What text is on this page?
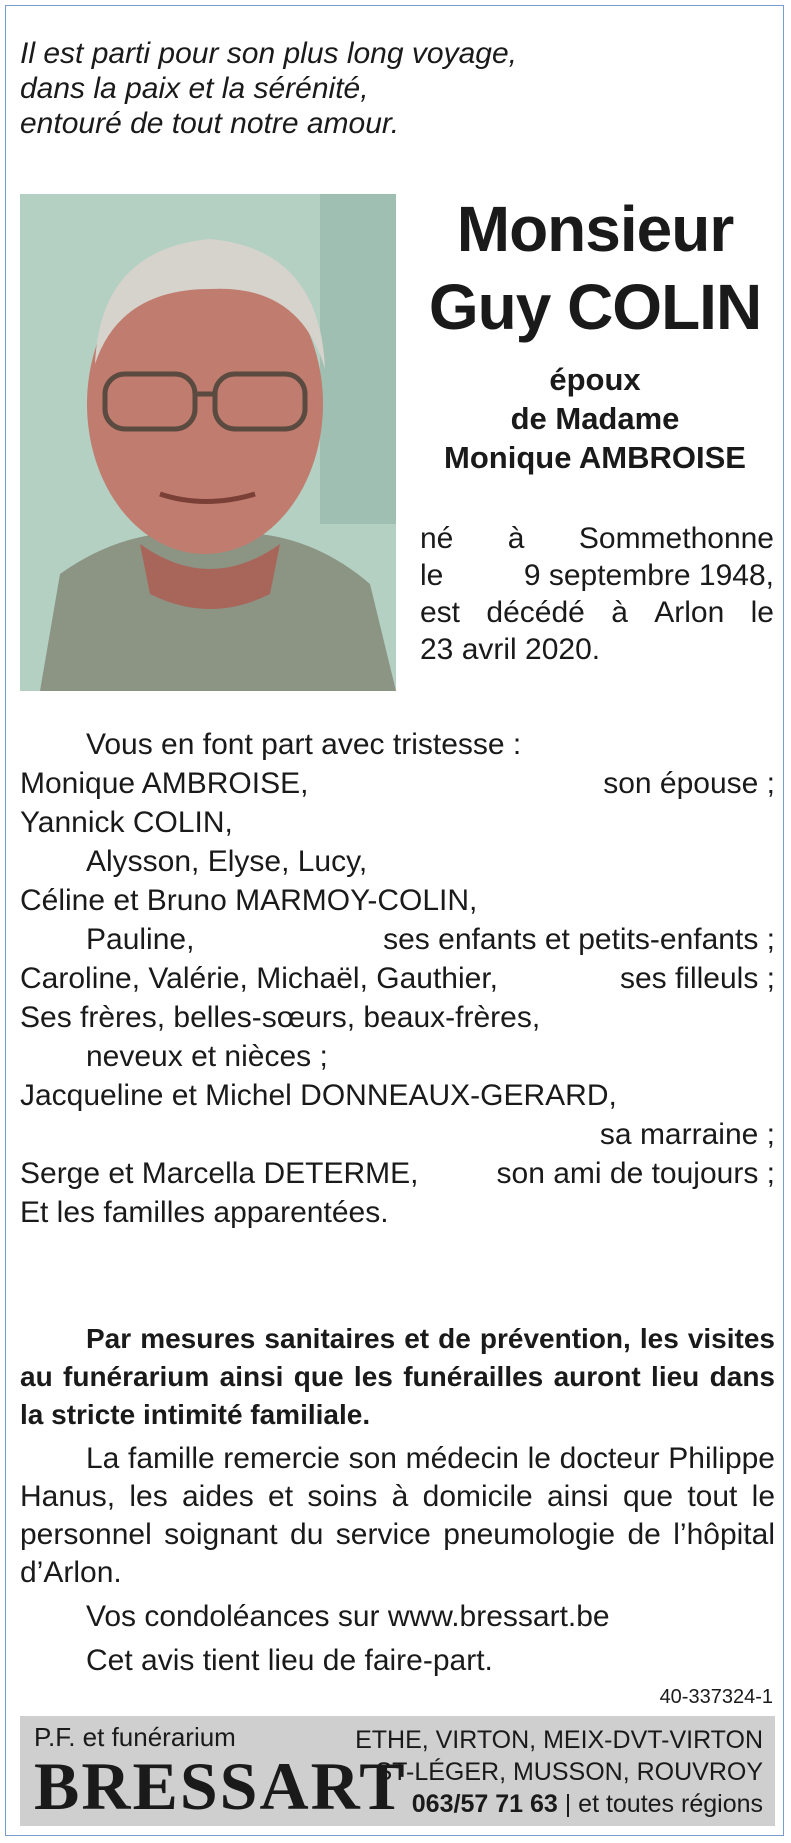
Il est parti pour son plus long voyage,
dans la paix et la sérénité,
entouré de tout notre amour.
Monsieur
Guy COLIN
époux
de Madame
Monique AMBROISE
né à Sommethonne
le	9 septembre 1948,
est décédé à Arlon le
23 avril 2020.
Vous en font part avec tristesse :
Monique AMBROISE,	son épouse ;
Yannick COLIN,
Alysson, Elyse, Lucy,
Céline et Bruno MARMOY-COLIN,
Pauline,	ses enfants et petits-enfants ;
Caroline, Valérie, Michaël, Gauthier,	ses filleuls ;
Ses frères, belles-sœurs, beaux-frères,
neveux et nièces ;
Jacqueline et Michel DONNEAUX-GERARD,
sa marraine ;
Serge et Marcella DETERME,	son ami de toujours ;
Et les familles apparentées.
Par mesures sanitaires et de prévention, les visites au funérarium ainsi que les funérailles auront lieu dans la stricte intimité familiale.
La famille remercie son médecin le docteur Philippe Hanus, les aides et soins à domicile ainsi que tout le personnel soignant du service pneumologie de l’hôpital d’Arlon.
Vos condoléances sur www.bressart.be
Cet avis tient lieu de faire-part.
40-337324-1
P.F. et funérarium
BRESSART
ETHE, VIRTON, MEIX-DVT-VIRTON
ST-LÉGER, MUSSON, ROUVROY
063/57 71 63 | et toutes régions
